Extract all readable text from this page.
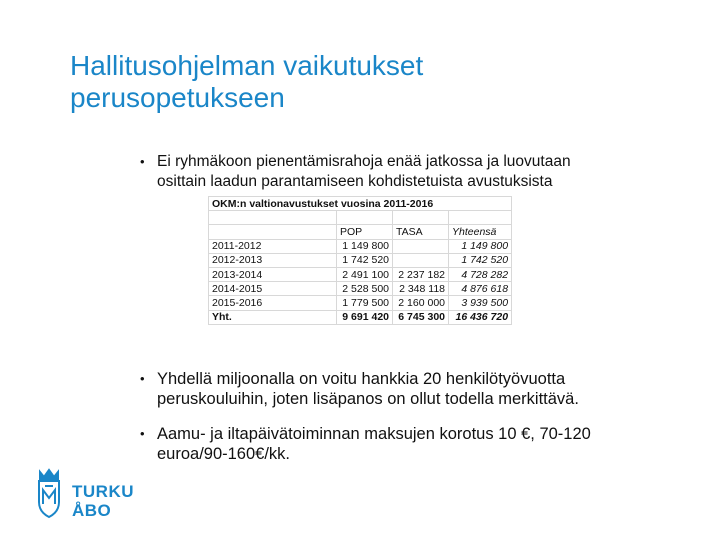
Hallitusohjelman vaikutukset
perusopetukseen
• Ei ryhmäkoon pienentämisrahoja enää jatkossa ja luovutaan
osittain laadun parantamiseen kohdistetuista avustuksista
OKM:n valtionavustukset vuosina 2011-2016			

	POP	TASA	Yhteensä
2011-2012	1 149 800		1 149 800
2012-2013	1 742 520		1 742 520
2013-2014	2 491 100	2 237 182	4 728 282
2014-2015	2 528 500	2 348 118	4 876 618
2015-2016	1 779 500	2 160 000	3 939 500
Yht.	9 691 420	6 745 300	16 436 720
• Yhdellä miljoonalla on voitu hankkia 20 henkilötyövuotta
peruskouluihin, joten lisäpanos on ollut todella merkittävä.
• Aamu- ja iltapäivätoiminnan maksujen korotus 10 €, 70-120
euroa/90-160€/kk.
TURKU
ÅBO
